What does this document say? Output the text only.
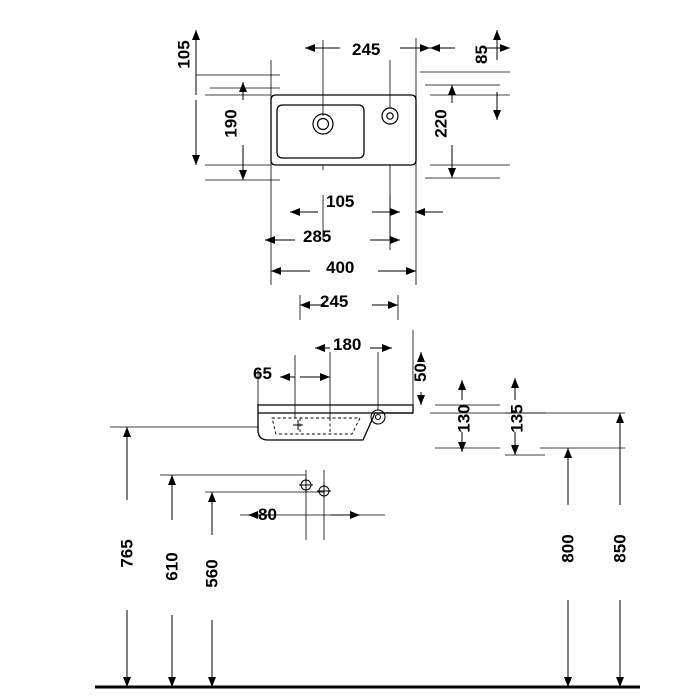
105	245	85
190	220
105
285
400
245
180
65	50
130 135
80
765 610 560
800 850
